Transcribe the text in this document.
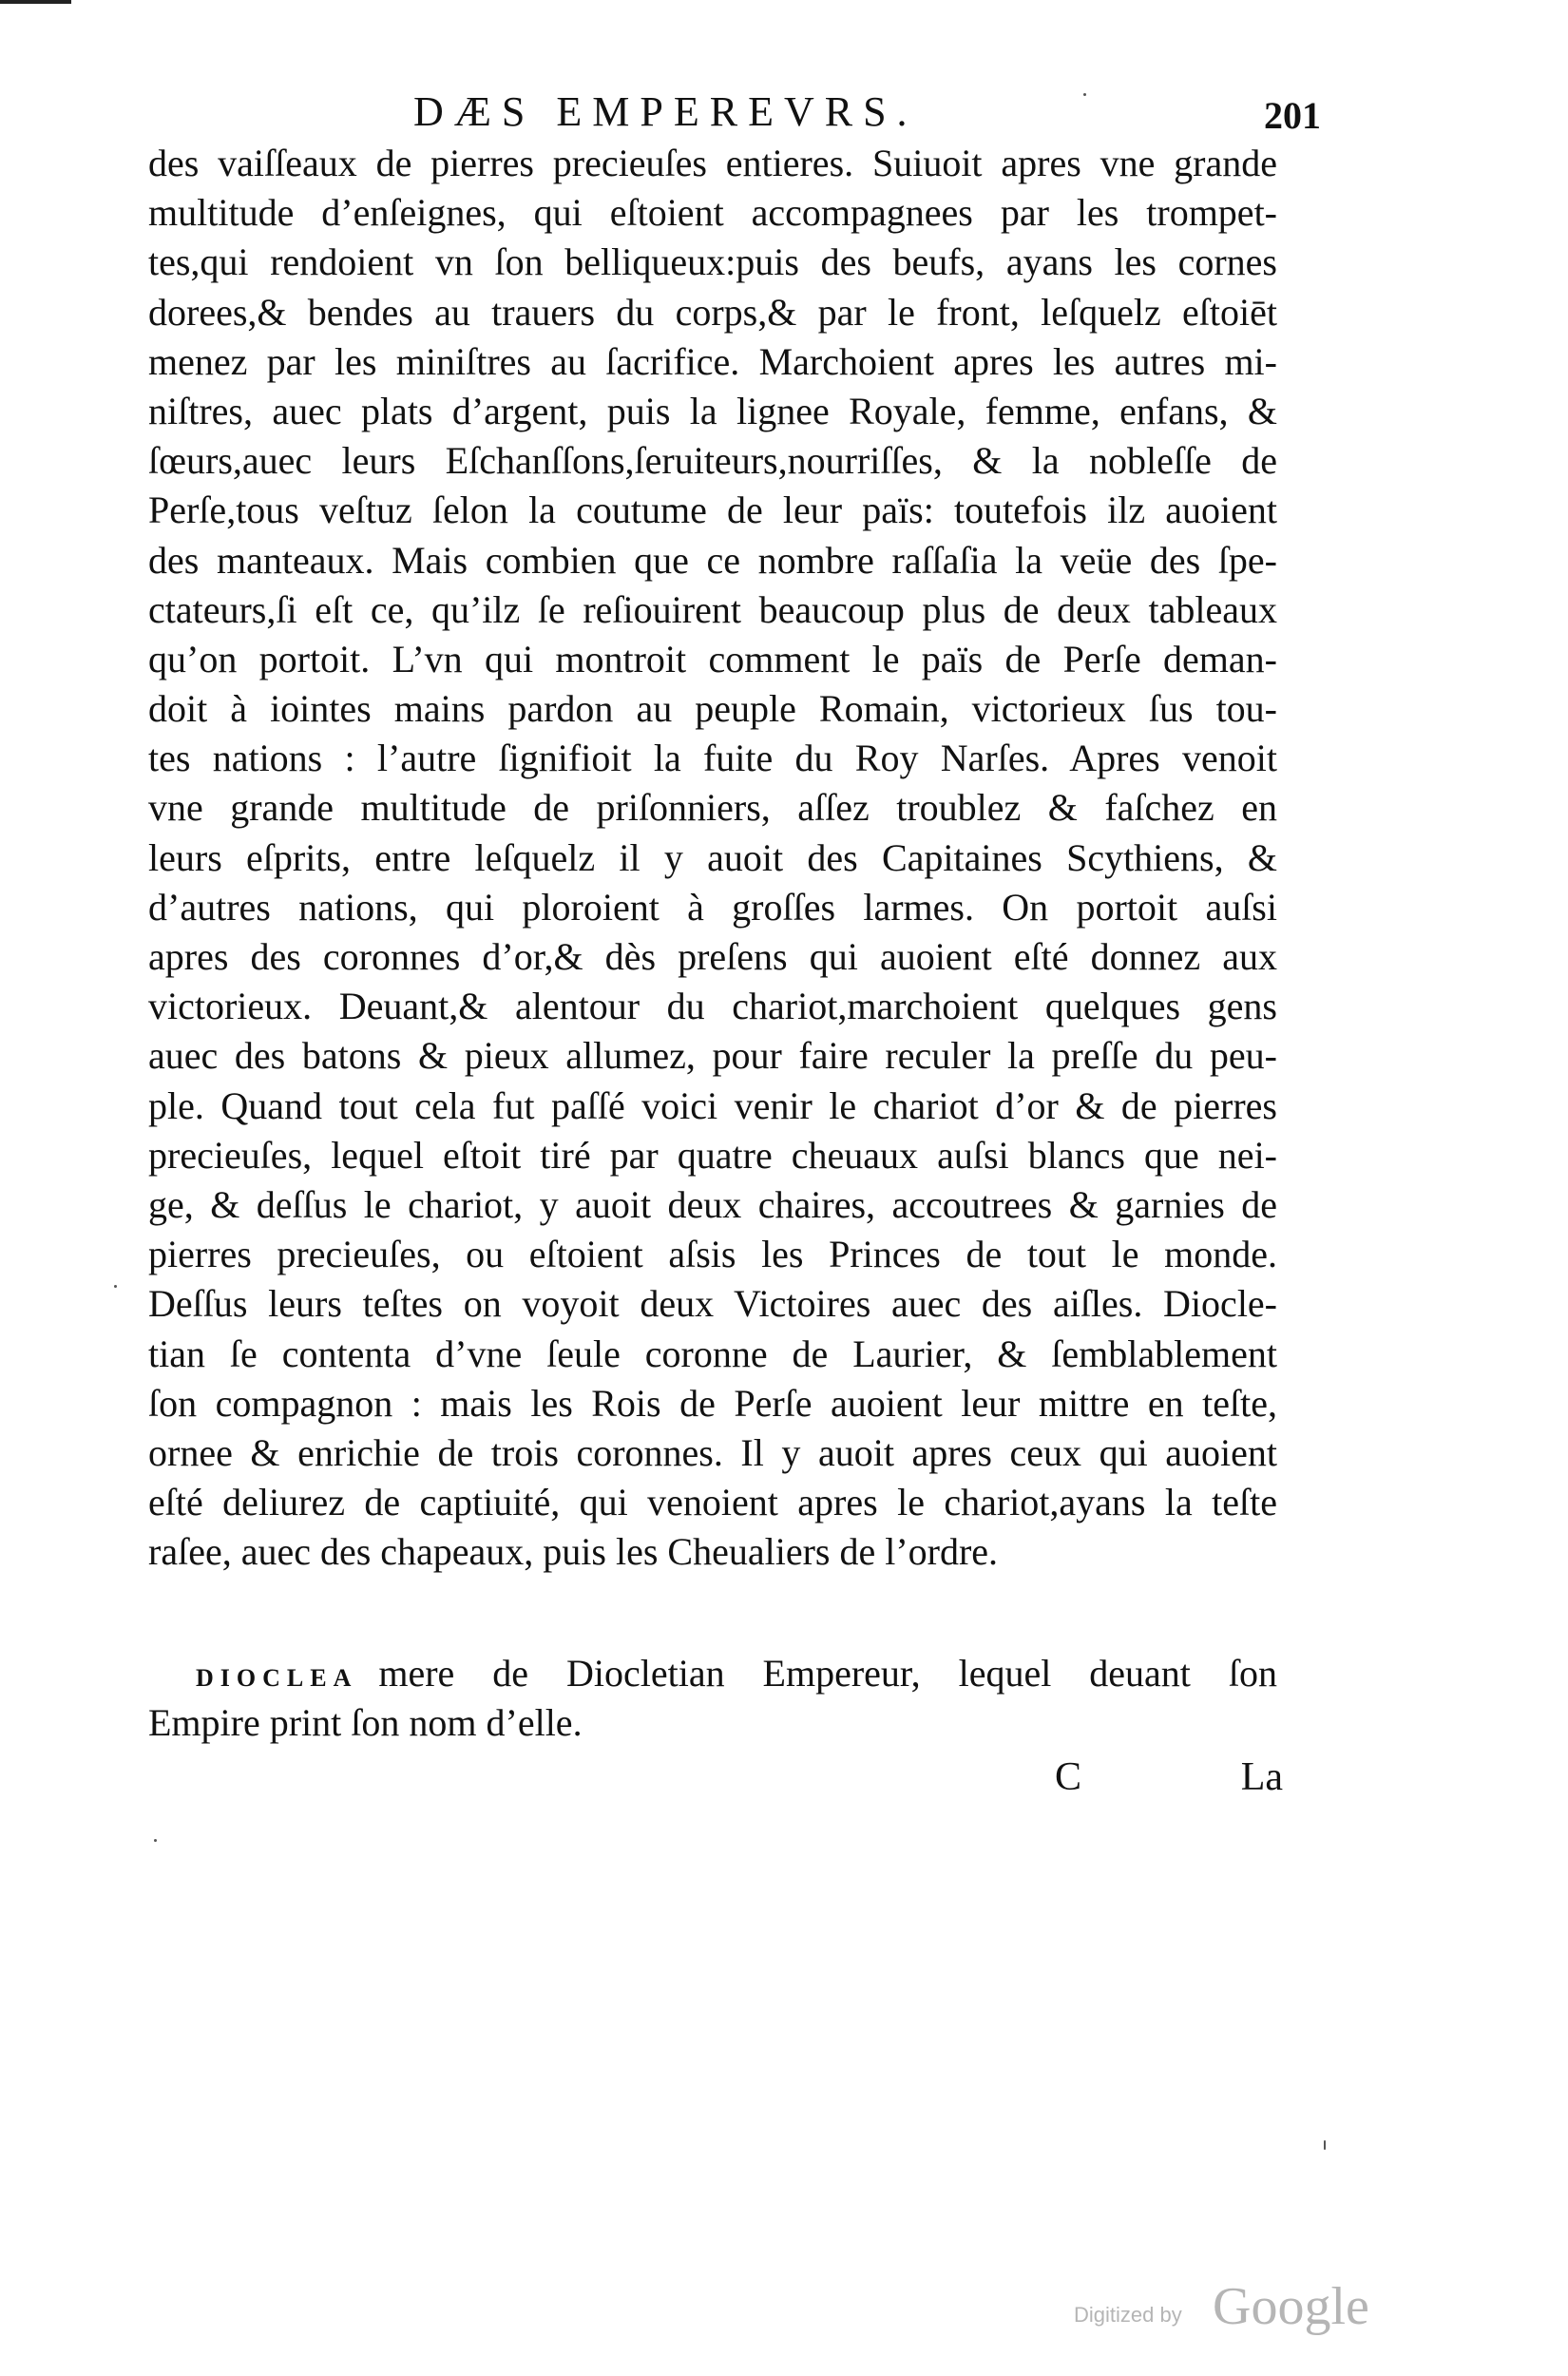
DÆS EMPEREVRS.	201
des vaiſſeaux de pierres precieuſes entieres. Suiuoit apres vne grande
multitude d’enſeignes, qui eſtoient accompagnees par les trompet-
tes,qui rendoient vn ſon belliqueux:puis des beufs, ayans les cornes
dorees,& bendes au trauers du corps,& par le front, leſquelz eſtoiēt
menez par les miniſtres au ſacrifice. Marchoient apres les autres mi-
niſtres, auec plats d’argent, puis la lignee Royale, femme, enfans, &
ſœurs,auec leurs Eſchanſſons,ſeruiteurs,nourriſſes, & la nobleſſe de
Perſe,tous veſtuz ſelon la coutume de leur païs: toutefois ilz auoient
des manteaux. Mais combien que ce nombre raſſaſia la veüe des ſpe-
ctateurs,ſi eſt ce, qu’ilz ſe reſiouirent beaucoup plus de deux tableaux
qu’on portoit. L’vn qui montroit comment le païs de Perſe deman-
doit à iointes mains pardon au peuple Romain, victorieux ſus tou-
tes nations : l’autre ſignifioit la fuite du Roy Narſes. Apres venoit
vne grande multitude de priſonniers, aſſez troublez & faſchez en
leurs eſprits, entre leſquelz il y auoit des Capitaines Scythiens, &
d’autres nations, qui ploroient à groſſes larmes. On portoit auſsi
apres des coronnes d’or,& dès preſens qui auoient eſté donnez aux
victorieux. Deuant,& alentour du chariot,marchoient quelques gens
auec des batons & pieux allumez, pour faire reculer la preſſe du peu-
ple. Quand tout cela fut paſſé voici venir le chariot d’or & de pierres
precieuſes, lequel eſtoit tiré par quatre cheuaux auſsi blancs que nei-
ge, & deſſus le chariot, y auoit deux chaires, accoutrees & garnies de
pierres precieuſes, ou eſtoient aſsis les Princes de tout le monde.
Deſſus leurs teſtes on voyoit deux Victoires auec des aiſles. Diocle-
tian ſe contenta d’vne ſeule coronne de Laurier, & ſemblablement
ſon compagnon : mais les Rois de Perſe auoient leur mittre en teſte,
ornee & enrichie de trois coronnes. Il y auoit apres ceux qui auoient
eſté deliurez de captiuité, qui venoient apres le chariot,ayans la teſte
raſee, auec des chapeaux, puis les Cheualiers de l’ordre.
DIOCLEA mere de Diocletian Empereur, lequel deuant ſon
Empire print ſon nom d’elle.
C	La
Digitized by Google
